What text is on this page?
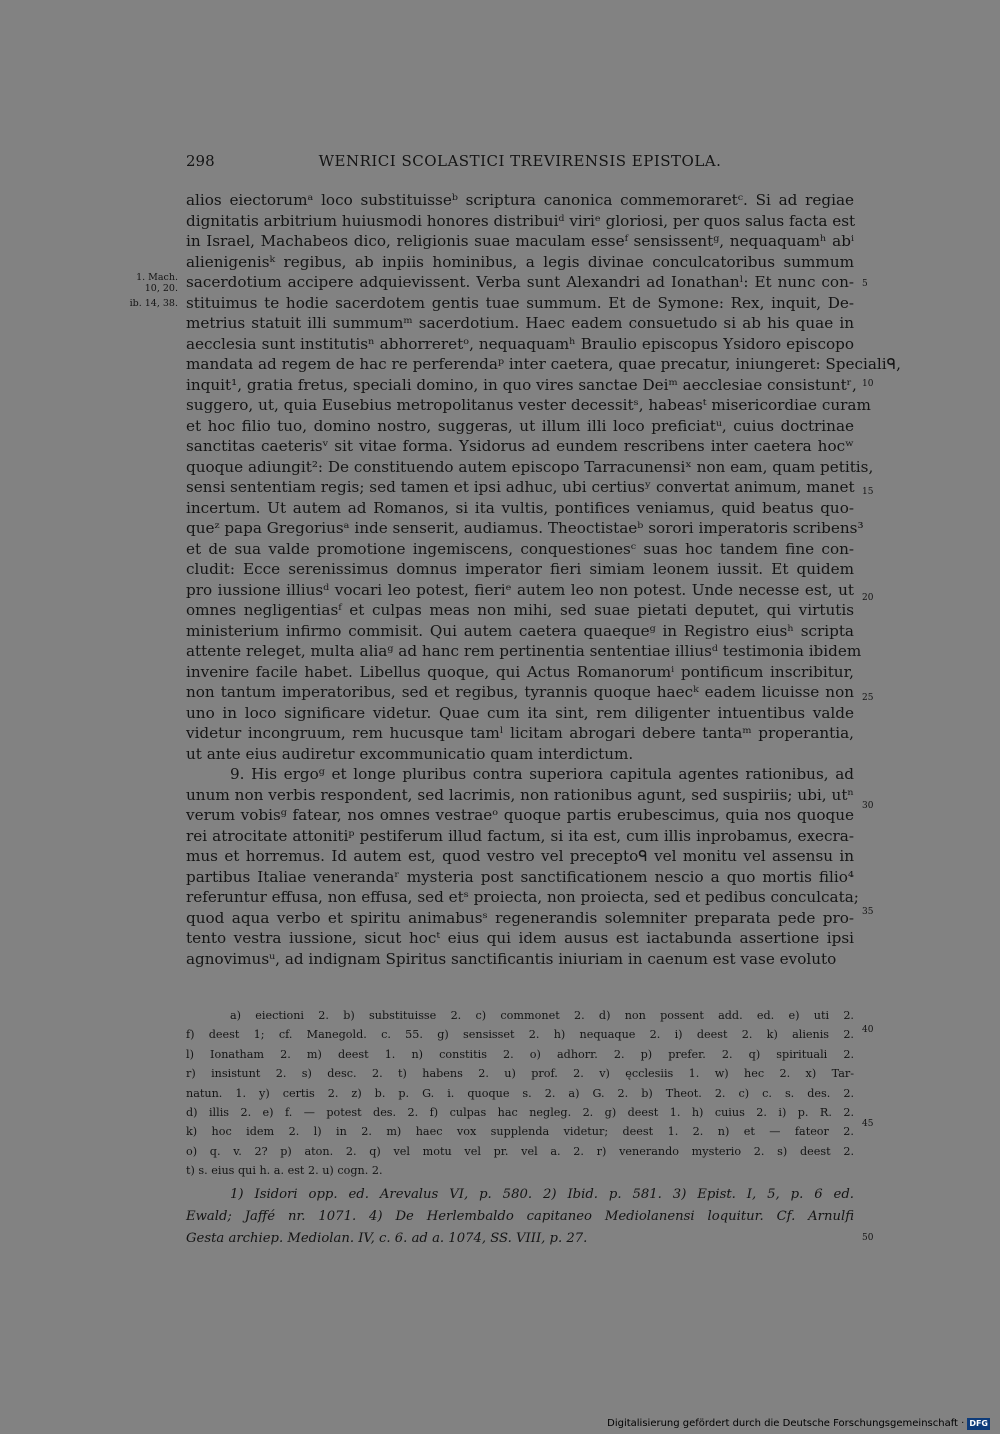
298	WENRICI SCOLASTICI TREVIRENSIS EPISTOLA.
alios eiectorumᵃ loco substituisseᵇ scriptura canonica commemoraretᶜ. Si ad regiae
dignitatis arbitrium huiusmodi honores distribuiᵈ viriᵉ gloriosi, per quos salus facta est
in Israel, Machabeos dico, religionis suae maculam esseᶠ sensissentᵍ, nequaquamʰ abⁱ
alienigenisᵏ regibus, ab inpiis hominibus, a legis divinae conculcatoribus summum
sacerdotium accipere adquievissent. Verba sunt Alexandri ad Ionathanˡ: Et nunc con-
stituimus te hodie sacerdotem gentis tuae summum. Et de Symone: Rex, inquit, De-
metrius statuit illi summumᵐ sacerdotium. Haec eadem consuetudo si ab his quae in
aecclesia sunt institutisⁿ abhorreretᵒ, nequaquamʰ Braulio episcopus Ysidoro episcopo
mandata ad regem de hac re perferendaᵖ inter caetera, quae precatur, iniungeret: Specialiᑫ,
inquit¹, gratia fretus, speciali domino, in quo vires sanctae Deiᵐ aecclesiae consistuntʳ,
suggero, ut, quia Eusebius metropolitanus vester decessitˢ, habeasᵗ misericordiae curam
et hoc filio tuo, domino nostro, suggeras, ut illum illi loco preficiatᵘ, cuius doctrinae
sanctitas caeterisᵛ sit vitae forma. Ysidorus ad eundem rescribens inter caetera hocʷ
quoque adiungit²: De constituendo autem episcopo Tarracunensiˣ non eam, quam petitis,
sensi sententiam regis; sed tamen et ipsi adhuc, ubi certiusʸ convertat animum, manet
incertum. Ut autem ad Romanos, si ita vultis, pontifices veniamus, quid beatus quo-
queᶻ papa Gregoriusᵃ inde senserit, audiamus. Theoctistaeᵇ sorori imperatoris scribens³
et de sua valde promotione ingemiscens, conquestionesᶜ suas hoc tandem fine con-
cludit: Ecce serenissimus domnus imperator fieri simiam leonem iussit. Et quidem
pro iussione illiusᵈ vocari leo potest, fieriᵉ autem leo non potest. Unde necesse est, ut
omnes negligentiasᶠ et culpas meas non mihi, sed suae pietati deputet, qui virtutis
ministerium infirmo commisit. Qui autem caetera quaequeᵍ in Registro eiusʰ scripta
attente releget, multa aliaᵍ ad hanc rem pertinentia sententiae illiusᵈ testimonia ibidem
invenire facile habet. Libellus quoque, qui Actus Romanorumⁱ pontificum inscribitur,
non tantum imperatoribus, sed et regibus, tyrannis quoque haecᵏ eadem licuisse non
uno in loco significare videtur. Quae cum ita sint, rem diligenter intuentibus valde
videtur incongruum, rem hucusque tamˡ licitam abrogari debere tantaᵐ properantia,
ut ante eius audiretur excommunicatio quam interdictum.
9. His ergoᵍ et longe pluribus contra superiora capitula agentes rationibus, ad
unum non verbis respondent, sed lacrimis, non rationibus agunt, sed suspiriis; ubi, utⁿ
verum vobisᵍ fatear, nos omnes vestraeᵒ quoque partis erubescimus, quia nos quoque
rei atrocitate attonitiᵖ pestiferum illud factum, si ita est, cum illis inprobamus, execra-
mus et horremus. Id autem est, quod vestro vel preceptoᑫ vel monitu vel assensu in
partibus Italiae venerandaʳ mysteria post sanctificationem nescio a quo mortis filio⁴
referuntur effusa, non effusa, sed etˢ proiecta, non proiecta, sed et pedibus conculcata;
quod aqua verbo et spiritu animabusˢ regenerandis solemniter preparata pede pro-
tento vestra iussione, sicut hocᵗ eius qui idem ausus est iactabunda assertione ipsi
agnovimusᵘ, ad indignam Spiritus sanctificantis iniuriam in caenum est vase evoluto
1. Mach. 10, 20.
ib. 14, 38.
5
10
15
20
25
30
35
40
45
50
a) eiectioni 2. b) substituisse 2. c) commonet 2. d) non possent add. ed. e) uti 2.
f) deest 1; cf. Manegold. c. 55. g) sensisset 2. h) nequaque 2. i) deest 2. k) alienis 2.
l) Ionatham 2. m) deest 1. n) constitis 2. o) adhorr. 2. p) prefer. 2. q) spirituali 2.
r) insistunt 2. s) desc. 2. t) habens 2. u) prof. 2. v) ęcclesiis 1. w) hec 2. x) Tar-
natun. 1. y) certis 2. z) b. p. G. i. quoque s. 2. a) G. 2. b) Theot. 2. c) c. s. des. 2.
d) illis 2. e) f. — potest des. 2. f) culpas hac negleg. 2. g) deest 1. h) cuius 2. i) p. R. 2.
k) hoc idem 2. l) in 2. m) haec vox supplenda videtur; deest 1. 2. n) et — fateor 2.
o) q. v. 2? p) aton. 2. q) vel motu vel pr. vel a. 2. r) venerando mysterio 2. s) deest 2.
t) s. eius qui h. a. est 2. u) cogn. 2.
1) Isidori opp. ed. Arevalus VI, p. 580. 2) Ibid. p. 581. 3) Epist. I, 5, p. 6 ed.
Ewald; Jaffé nr. 1071. 4) De Herlembaldo capitaneo Mediolanensi loquitur. Cf. Arnulfi
Gesta archiep. Mediolan. IV, c. 6. ad a. 1074, SS. VIII, p. 27.
Digitalisierung gefördert durch die Deutsche Forschungsgemeinschaft · DFG
